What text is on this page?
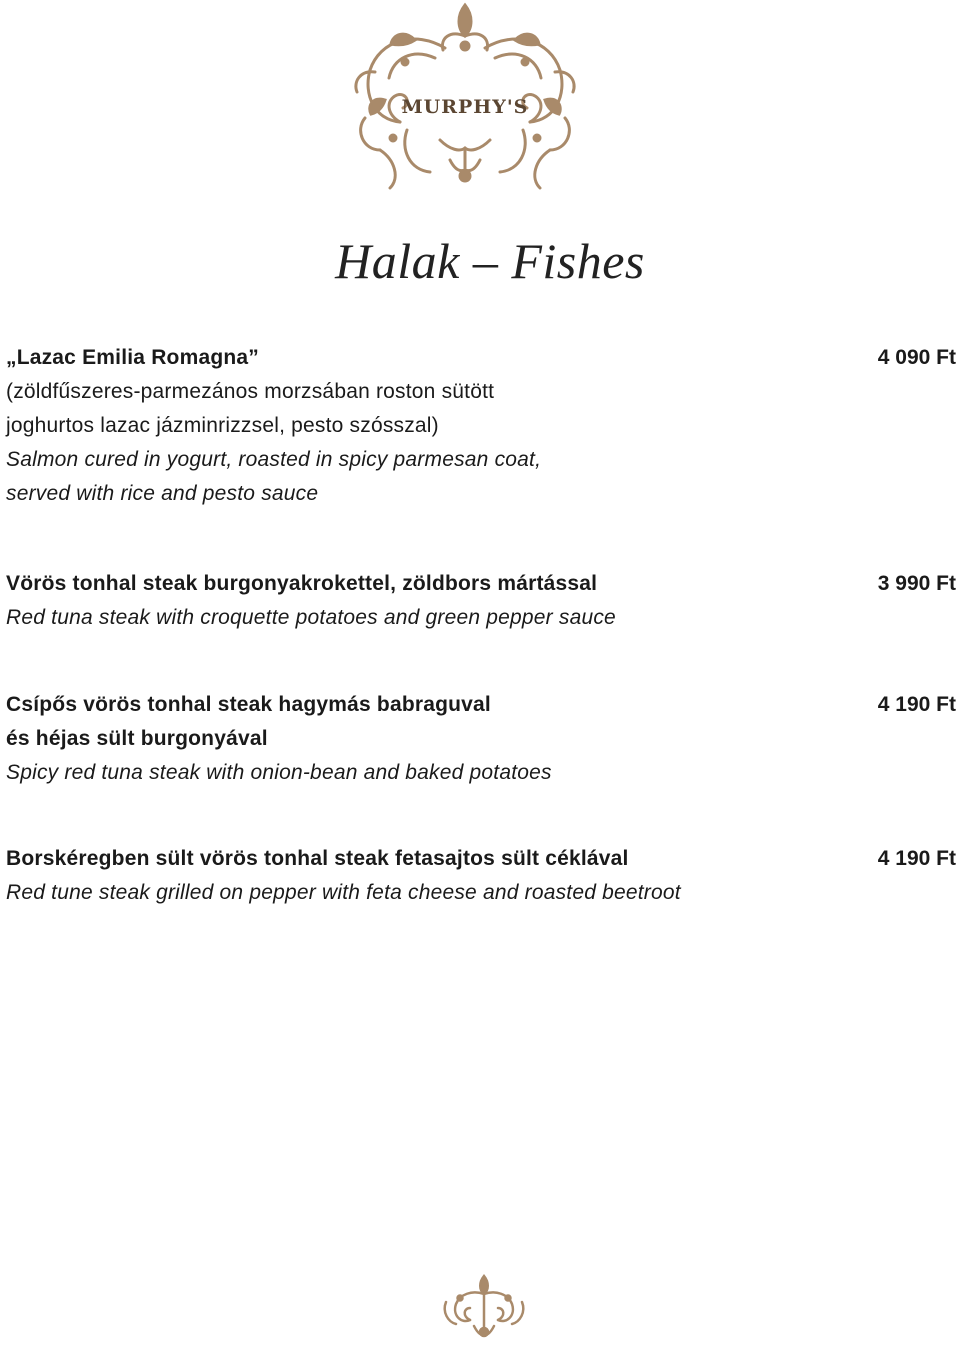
MURPHY'S
Halak – Fishes
„Lazac Emilia Romagna”
(zöldfűszeres-parmezános morzsában roston sütött
joghurtos lazac jázminrizzsel, pesto szósszal)
Salmon cured in yogurt, roasted in spicy parmesan coat,
served with rice and pesto sauce
4 090 Ft
Vörös tonhal steak burgonyakrokettel, zöldbors mártással
Red tuna steak with croquette potatoes and green pepper sauce
3 990 Ft
Csípős vörös tonhal steak hagymás babraguval
és héjas sült burgonyával
Spicy red tuna steak with onion-bean and baked potatoes
4 190 Ft
Borskéregben sült vörös tonhal steak fetasajtos sült céklával
Red tune steak grilled on pepper with feta cheese and roasted beetroot
4 190 Ft
